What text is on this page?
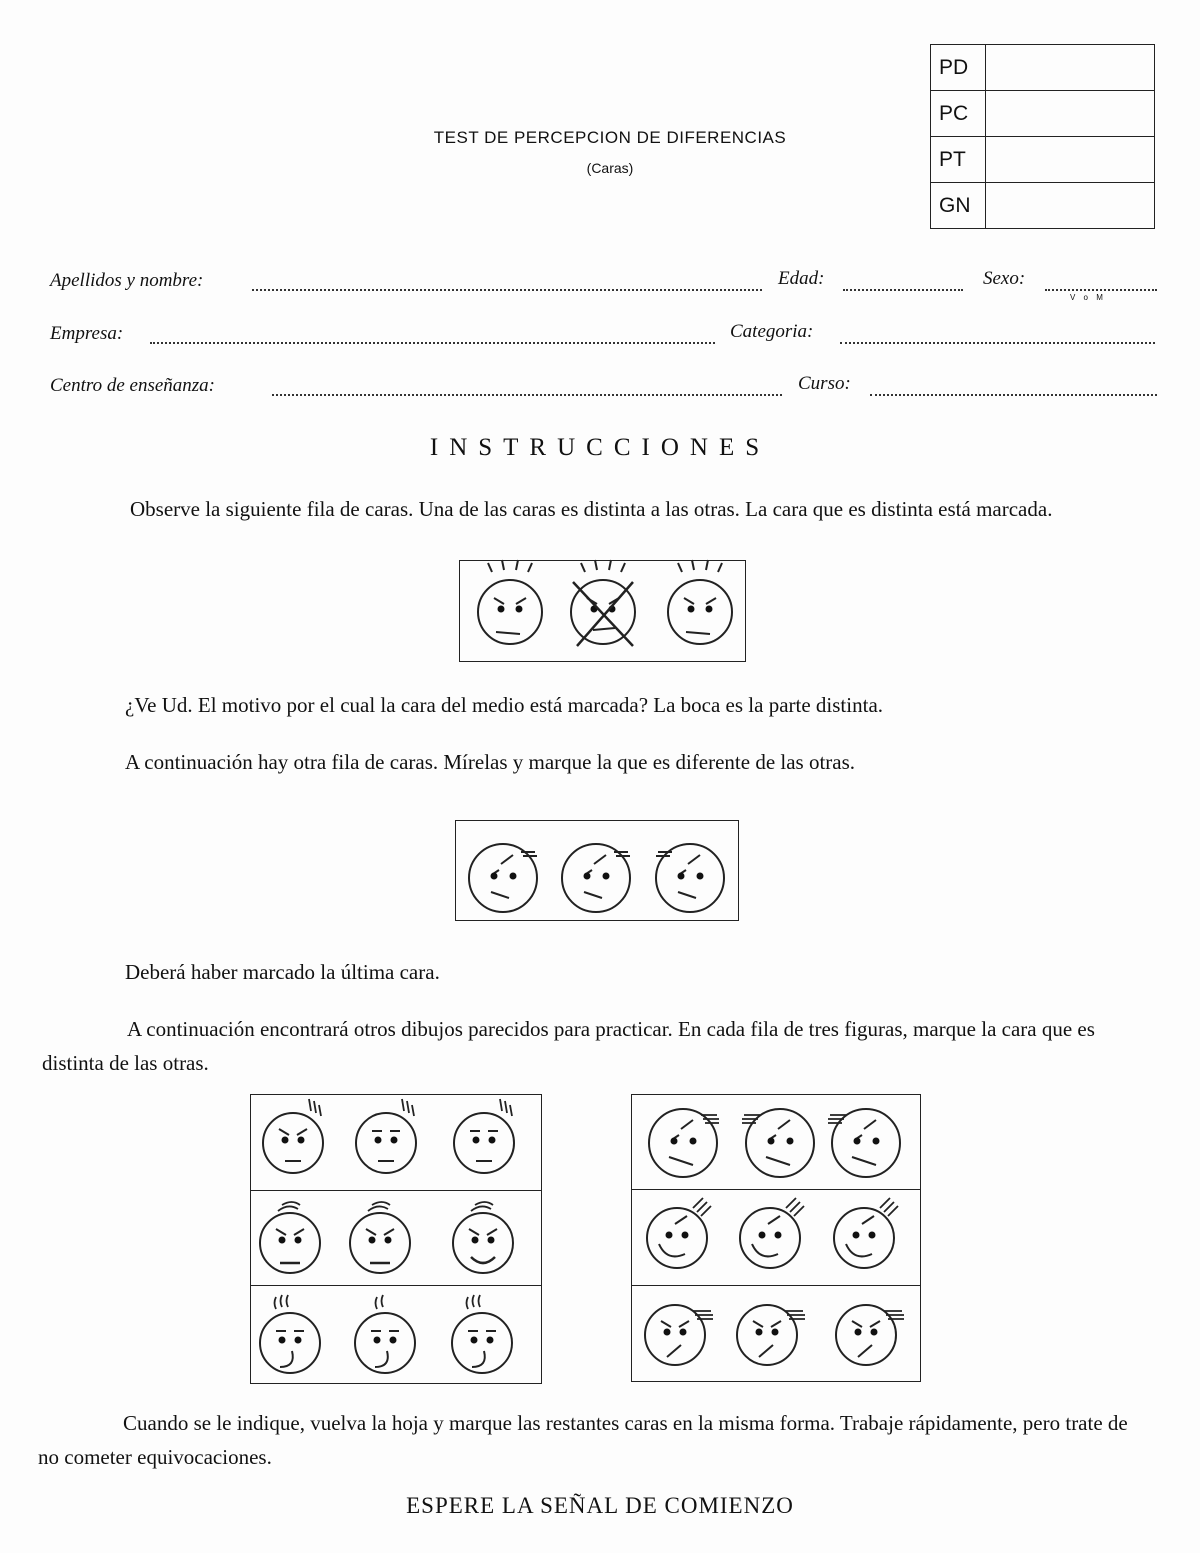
TEST DE PERCEPCION DE DIFERENCIAS
(Caras)
PD	
PC	
PT	
GN	
Apellidos y nombre:	Edad:	Sexo:
V o M
Empresa:	Categoria:
Centro de enseñanza:	Curso:
INSTRUCCIONES
Observe la siguiente fila de caras. Una de las caras es distinta a las otras. La cara que es distinta está marcada.
¿Ve Ud. El motivo por el cual la cara del medio está marcada? La boca es la parte distinta.
A continuación hay otra fila de caras. Mírelas y marque la que es diferente de las otras.
Deberá haber marcado la última cara.
A continuación encontrará otros dibujos parecidos para practicar. En cada fila de tres figuras, marque la cara que es distinta de las otras.
Cuando se le indique, vuelva la hoja y marque las restantes caras en la misma forma. Trabaje rápidamente, pero trate de no cometer equivocaciones.
ESPERE LA SEÑAL DE COMIENZO
